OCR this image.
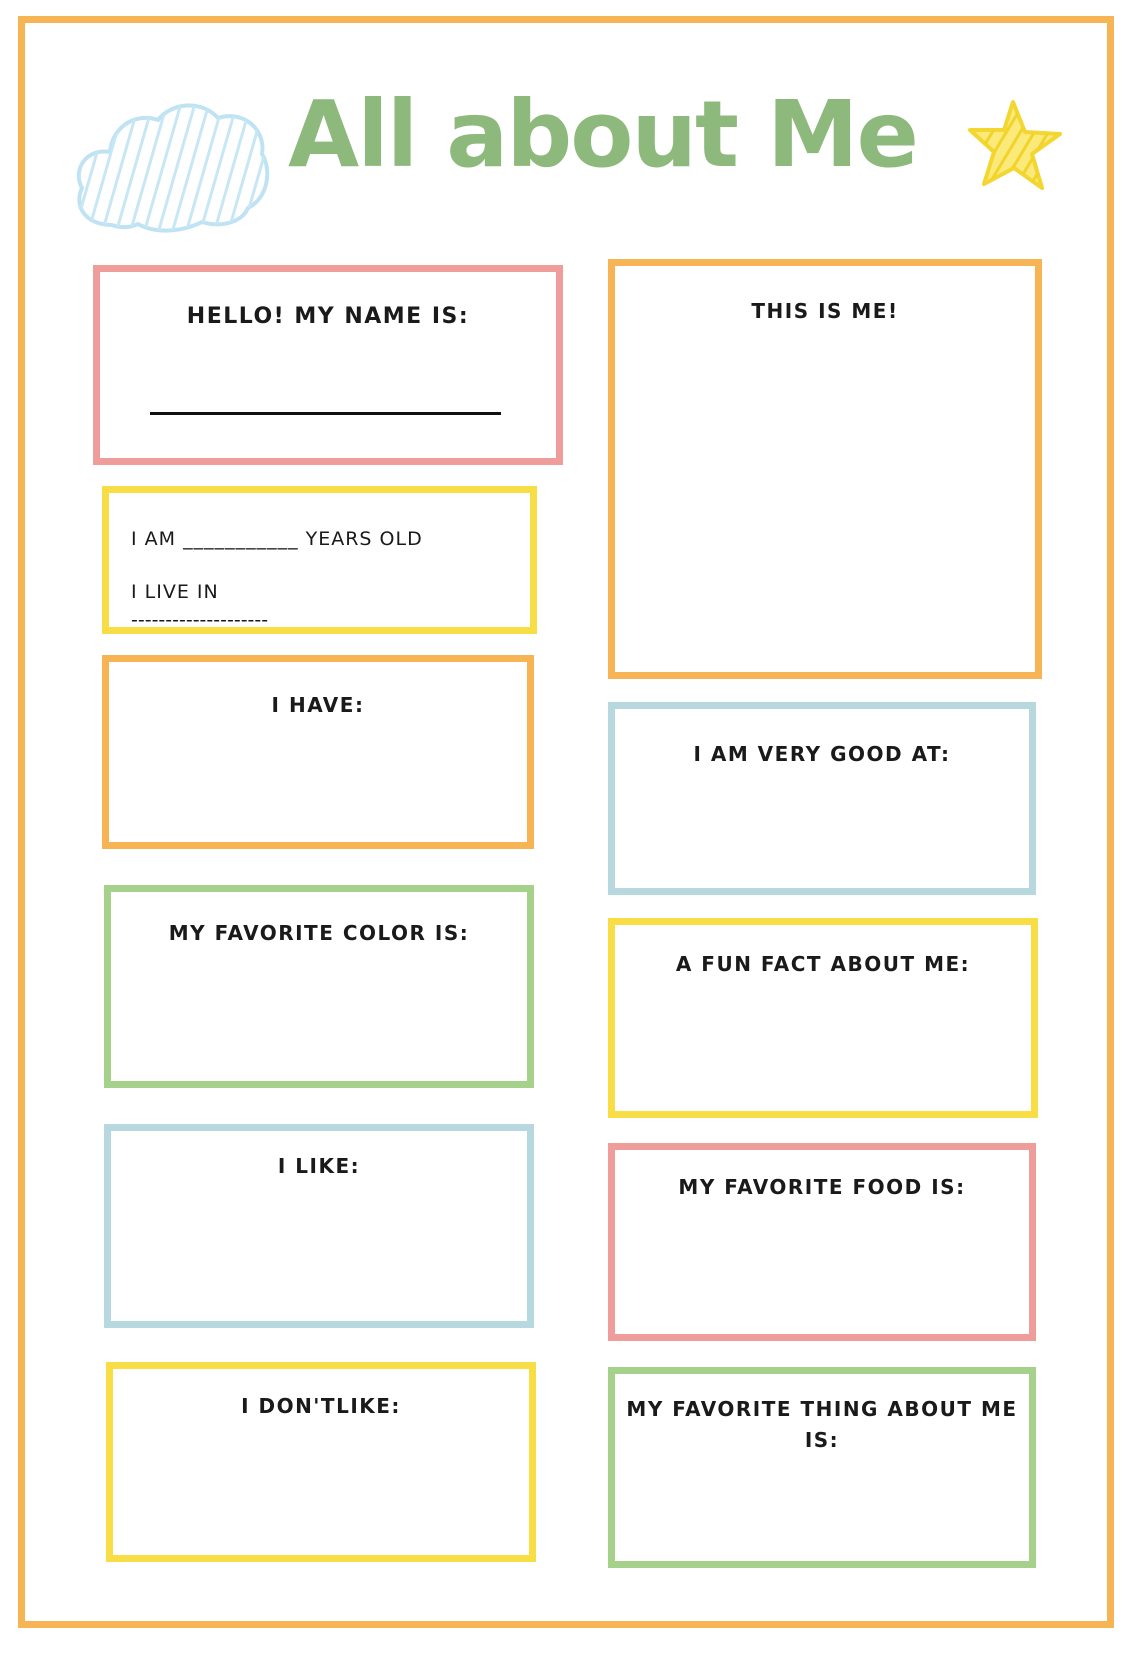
All about Me
HELLO! MY NAME IS:
I AM ___________ YEARS OLD
I LIVE IN
--------------------
I HAVE:
MY FAVORITE COLOR IS:
I LIKE:
I DON'TLIKE:
THIS IS ME!
I AM VERY GOOD AT:
A FUN FACT ABOUT ME:
MY FAVORITE FOOD IS:
MY FAVORITE THING ABOUT ME
IS:
